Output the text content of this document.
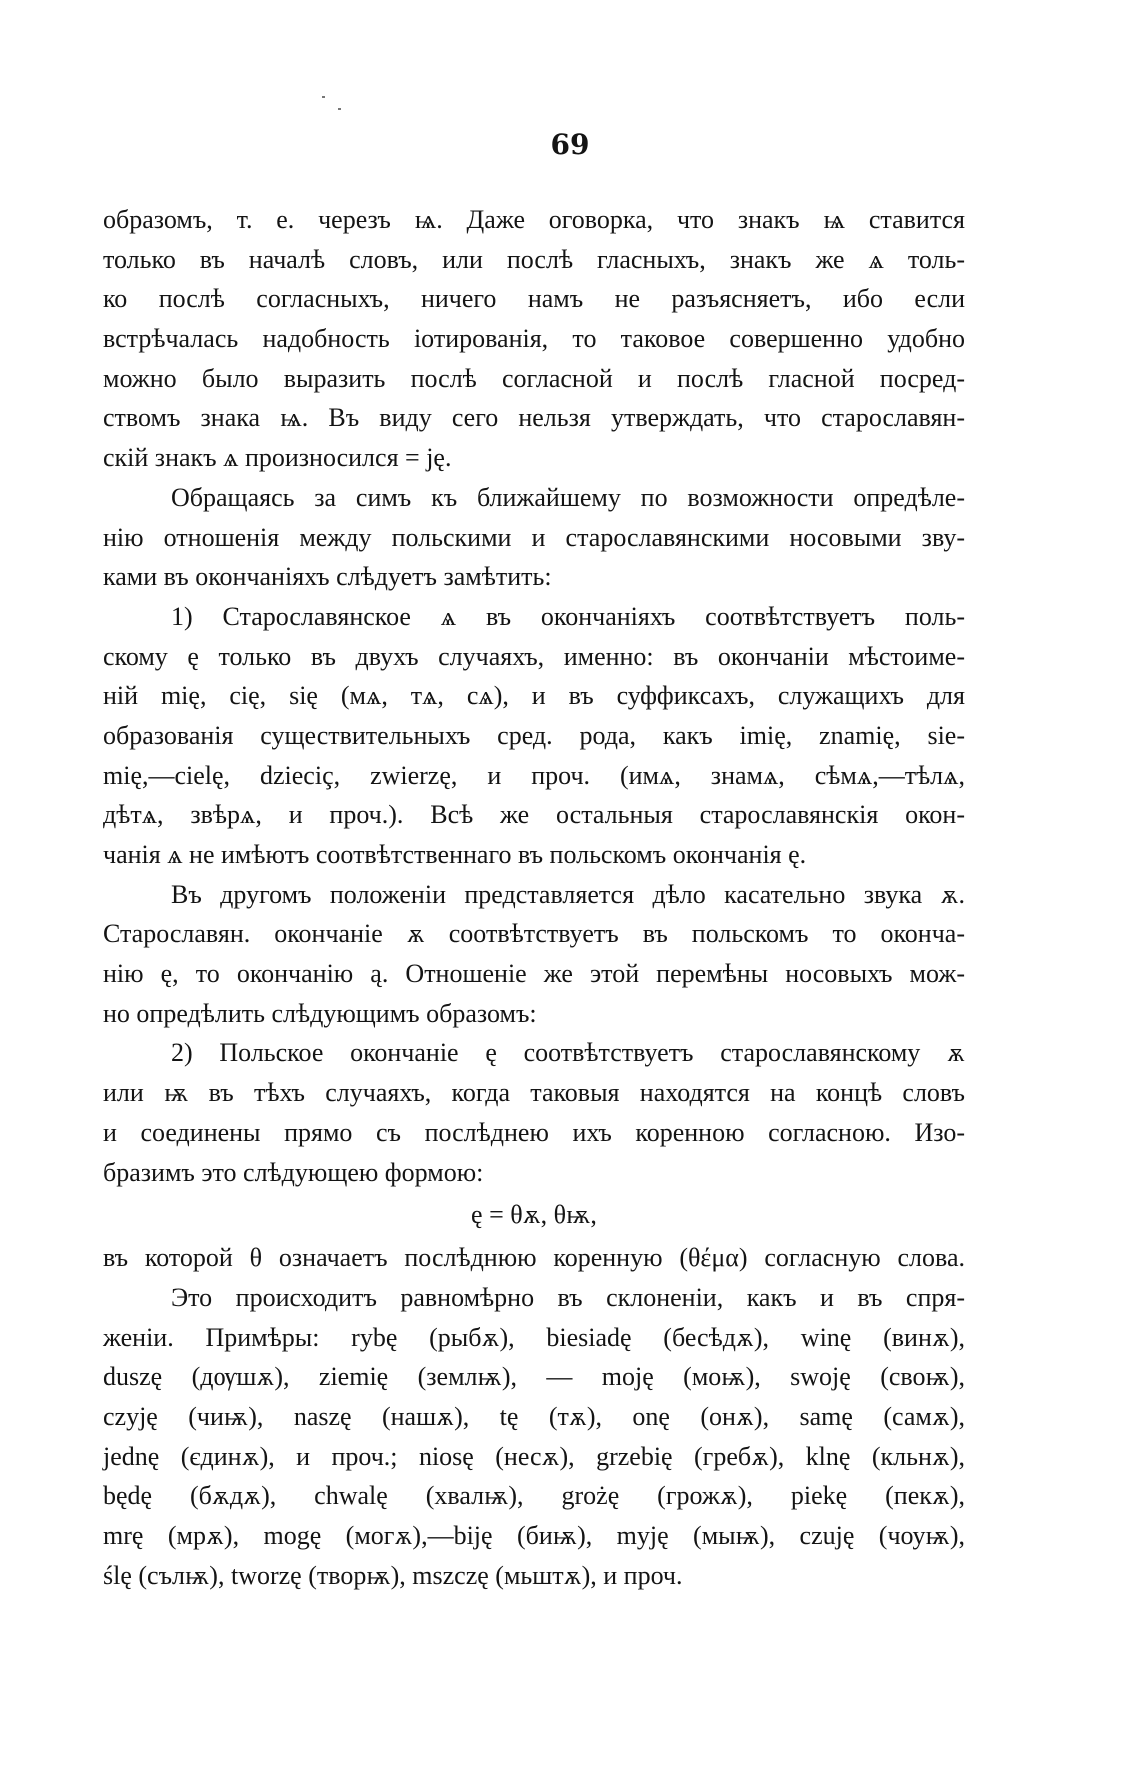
69
образомъ, т. е. черезъ ѩ. Даже оговорка, что знакъ ѩ ставится
только въ началѣ словъ, или послѣ гласныхъ, знакъ же ѧ толь-
ко послѣ согласныхъ, ничего намъ не разъясняетъ, ибо если
встрѣчалась надобность іотированія, то таковое совершенно удобно
можно было выразить послѣ согласной и послѣ гласной посред-
ствомъ знака ѩ. Въ виду сего нельзя утверждать, что старославян-
скій знакъ ѧ произносился = ję.
Обращаясь за симъ къ ближайшему по возможности опредѣле-
нію отношенія между польскими и старославянскими носовыми зву-
ками въ окончаніяхъ слѣдуетъ замѣтить:
1) Старославянское ѧ въ окончаніяхъ соотвѣтствуетъ поль-
скому ę только въ двухъ случаяхъ, именно: въ окончаніи мѣстоиме-
ній mię, cię, się (мѧ, тѧ, сѧ), и въ суффиксахъ, служащихъ для
образованія существительныхъ сред. рода, какъ imię, znamię, sie-
mię,—cielę, dzieciç, zwierzę, и проч. (имѧ, знамѧ, сѣмѧ,—тѣлѧ,
дѣтѧ, звѣрѧ, и проч.). Всѣ же остальныя старославянскія окон-
чанія ѧ не имѣютъ соотвѣтственнаго въ польскомъ окончанія ę.
Въ другомъ положеніи представляется дѣло касательно звука ѫ.
Старославян. окончаніе ѫ соотвѣтствуетъ въ польскомъ то оконча-
нію ę, то окончанію ą. Отношеніе же этой перемѣны носовыхъ мож-
но опредѣлить слѣдующимъ образомъ:
2) Польское окончаніе ę соотвѣтствуетъ старославянскому ѫ
или ѭ въ тѣхъ случаяхъ, когда таковыя находятся на концѣ словъ
и соединены прямо съ послѣднею ихъ коренною согласною. Изо-
бразимъ это слѣдующею формою:
ę = θѫ, θѭ,
въ которой θ означаетъ послѣднюю коренную (θέμα) согласную слова.
Это происходитъ равномѣрно въ склоненіи, какъ и въ спря-
женіи. Примѣры: rybę (рыбѫ), biesiadę (бесѣдѫ), winę (винѫ),
duszę (дѹшѫ), ziemię (землѭ), — moję (моѭ), swoję (своѭ),
czyję (чиѭ), naszę (нашѫ), tę (тѫ), onę (онѫ), samę (самѫ),
jednę (єдинѫ), и проч.; niosę (несѫ), grzebię (гребѫ), klnę (кльнѫ),
będę (бѫдѫ), chwalę (хвалѭ), grożę (грожѫ), piekę (пекѫ),
mrę (мрѫ), mogę (могѫ),—biję (биѭ), myję (мыѭ), czuję (чоуѭ),
ślę (сълѭ), tworzę (творѭ), mszczę (мьштѫ), и проч.
